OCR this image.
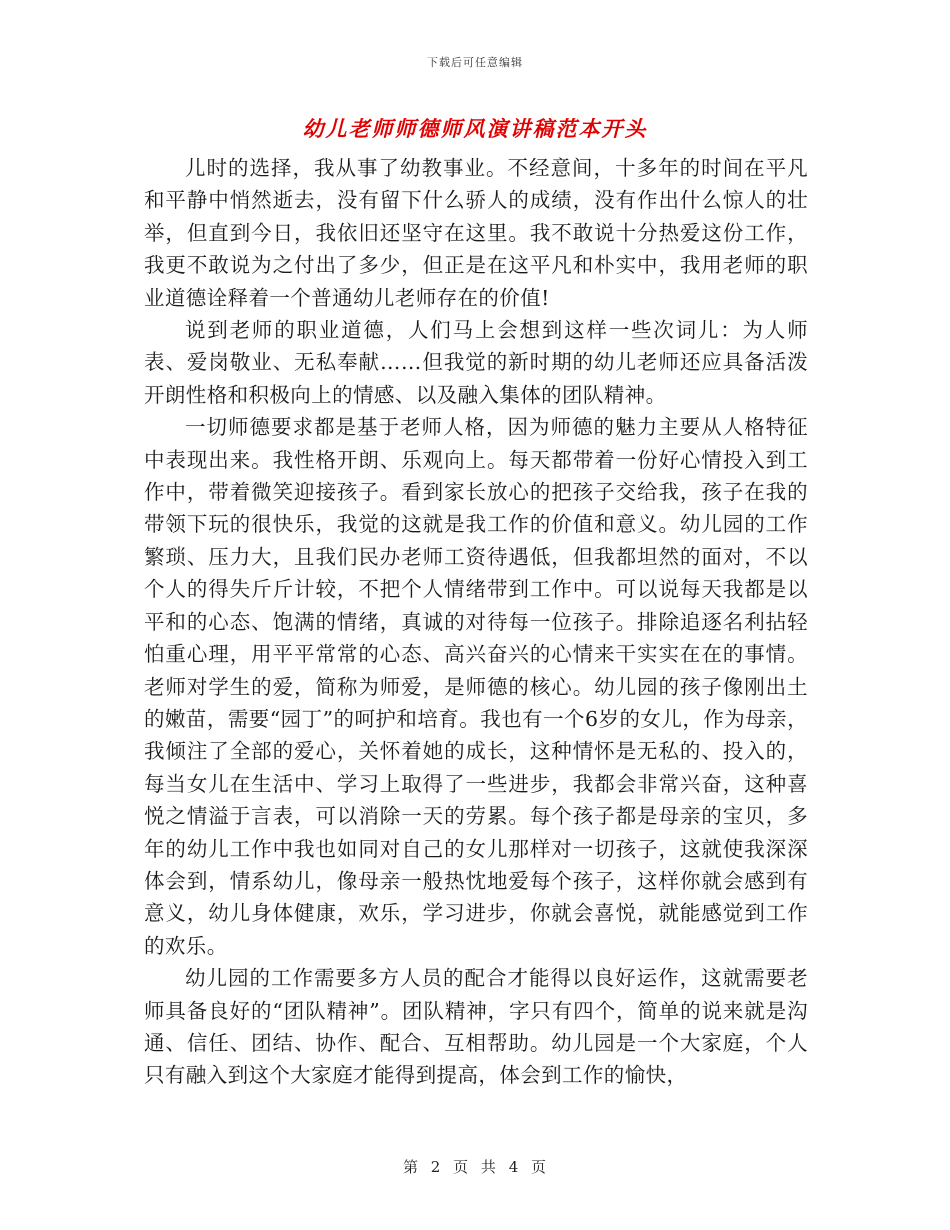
下载后可任意编辑
幼儿老师师德师风演讲稿范本开头

儿时的选择，我从事了幼教事业。不经意间，十多年的时间在平凡和平静中悄然逝去，没有留下什么骄人的成绩，没有作出什么惊人的壮举，但直到今日，我依旧还坚守在这里。我不敢说十分热爱这份工作，我更不敢说为之付出了多少，但正是在这平凡和朴实中，我用老师的职业道德诠释着一个普通幼儿老师存在的价值!

说到老师的职业道德，人们马上会想到这样一些次词儿：为人师表、爱岗敬业、无私奉献……但我觉的新时期的幼儿老师还应具备活泼开朗性格和积极向上的情感、以及融入集体的团队精神。

一切师德要求都是基于老师人格，因为师德的魅力主要从人格特征中表现出来。我性格开朗、乐观向上。每天都带着一份好心情投入到工作中，带着微笑迎接孩子。看到家长放心的把孩子交给我，孩子在我的带领下玩的很快乐，我觉的这就是我工作的价值和意义。幼儿园的工作繁琐、压力大，且我们民办老师工资待遇低，但我都坦然的面对，不以个人的得失斤斤计较，不把个人情绪带到工作中。可以说每天我都是以平和的心态、饱满的情绪，真诚的对待每一位孩子。排除追逐名利拈轻怕重心理，用平平常常的心态、高兴奋兴的心情来干实实在在的事情。 老师对学生的爱，简称为师爱，是师德的核心。幼儿园的孩子像刚出土的嫩苗，需要“园丁”的呵护和培育。我也有一个6岁的女儿，作为母亲，我倾注了全部的爱心，关怀着她的成长，这种情怀是无私的、投入的，每当女儿在生活中、学习上取得了一些进步，我都会非常兴奋，这种喜悦之情溢于言表，可以消除一天的劳累。每个孩子都是母亲的宝贝，多年的幼儿工作中我也如同对自己的女儿那样对一切孩子，这就使我深深体会到，情系幼儿，像母亲一般热忱地爱每个孩子，这样你就会感到有意义，幼儿身体健康，欢乐，学习进步，你就会喜悦，就能感觉到工作的欢乐。

幼儿园的工作需要多方人员的配合才能得以良好运作，这就需要老师具备良好的“团队精神”。团队精神，字只有四个，简单的说来就是沟通、信任、团结、协作、配合、互相帮助。幼儿园是一个大家庭，个人只有融入到这个大家庭才能得到提高，体会到工作的愉快，

第 2 页 共 4 页
